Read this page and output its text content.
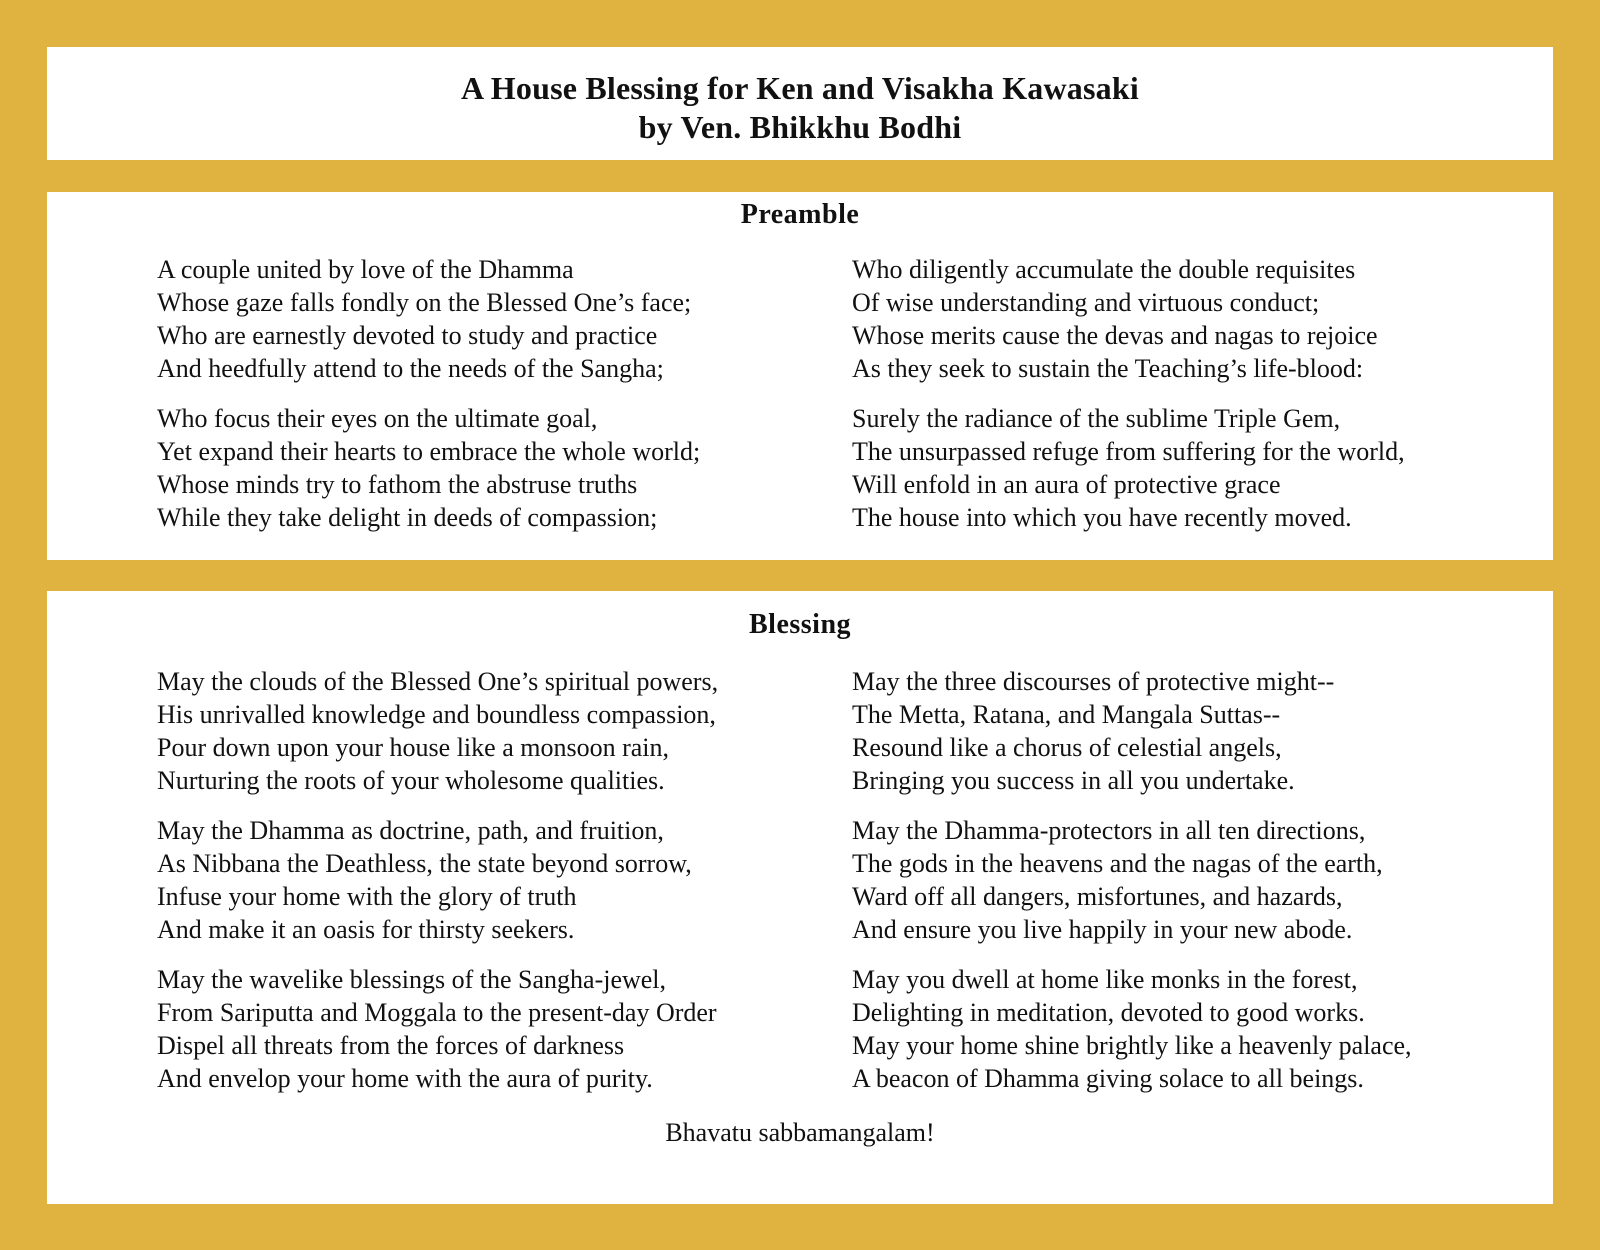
A House Blessing for Ken and Visakha Kawasaki
by Ven. Bhikkhu Bodhi
Preamble
A couple united by love of the Dhamma
Whose gaze falls fondly on the Blessed One’s face;
Who are earnestly devoted to study and practice
And heedfully attend to the needs of the Sangha;
Who focus their eyes on the ultimate goal,
Yet expand their hearts to embrace the whole world;
Whose minds try to fathom the abstruse truths
While they take delight in deeds of compassion;
Who diligently accumulate the double requisites
Of wise understanding and virtuous conduct;
Whose merits cause the devas and nagas to rejoice
As they seek to sustain the Teaching’s life-blood:
Surely the radiance of the sublime Triple Gem,
The unsurpassed refuge from suffering for the world,
Will enfold in an aura of protective grace
The house into which you have recently moved.
Blessing
May the clouds of the Blessed One’s spiritual powers,
His unrivalled knowledge and boundless compassion,
Pour down upon your house like a monsoon rain,
Nurturing the roots of your wholesome qualities.
May the Dhamma as doctrine, path, and fruition,
As Nibbana the Deathless, the state beyond sorrow,
Infuse your home with the glory of truth
And make it an oasis for thirsty seekers.
May the wavelike blessings of the Sangha-jewel,
From Sariputta and Moggala to the present-day Order
Dispel all threats from the forces of darkness
And envelop your home with the aura of purity.
May the three discourses of protective might--
The Metta, Ratana, and Mangala Suttas--
Resound like a chorus of celestial angels,
Bringing you success in all you undertake.
May the Dhamma-protectors in all ten directions,
The gods in the heavens and the nagas of the earth,
Ward off all dangers, misfortunes, and hazards,
And ensure you live happily in your new abode.
May you dwell at home like monks in the forest,
Delighting in meditation, devoted to good works.
May your home shine brightly like a heavenly palace,
A beacon of Dhamma giving solace to all beings.
Bhavatu sabbamangalam!
